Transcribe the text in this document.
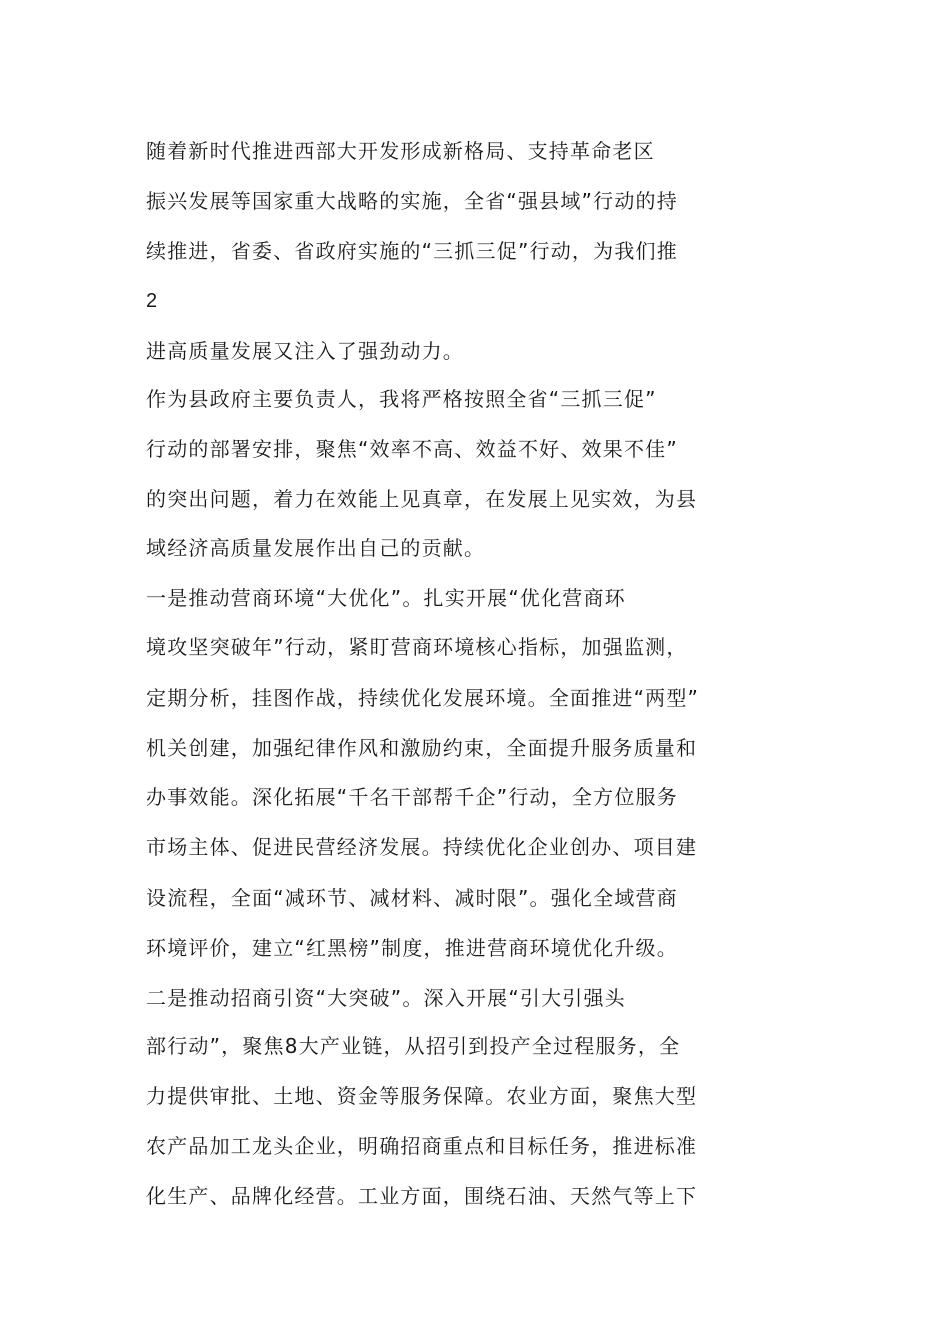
随着新时代推进西部大开发形成新格局、支持革命老区

振兴发展等国家重大战略的实施，全省“强县域”行动的持

续推进，省委、省政府实施的“三抓三促”行动，为我们推

2

进高质量发展又注入了强劲动力。

作为县政府主要负责人，我将严格按照全省“三抓三促”

行动的部署安排，聚焦“效率不高、效益不好、效果不佳”

的突出问题，着力在效能上见真章，在发展上见实效，为县

域经济高质量发展作出自己的贡献。

一是推动营商环境“大优化”。扎实开展“优化营商环

境攻坚突破年”行动，紧盯营商环境核心指标，加强监测，

定期分析，挂图作战，持续优化发展环境。全面推进“两型”

机关创建，加强纪律作风和激励约束，全面提升服务质量和

办事效能。深化拓展“千名干部帮千企”行动，全方位服务

市场主体、促进民营经济发展。持续优化企业创办、项目建

设流程，全面“减环节、减材料、减时限”。强化全域营商

环境评价，建立“红黑榜”制度，推进营商环境优化升级。

二是推动招商引资“大突破”。深入开展“引大引强头

部行动”，聚焦8大产业链，从招引到投产全过程服务，全

力提供审批、土地、资金等服务保障。农业方面，聚焦大型

农产品加工龙头企业，明确招商重点和目标任务，推进标准

化生产、品牌化经营。工业方面，围绕石油、天然气等上下
